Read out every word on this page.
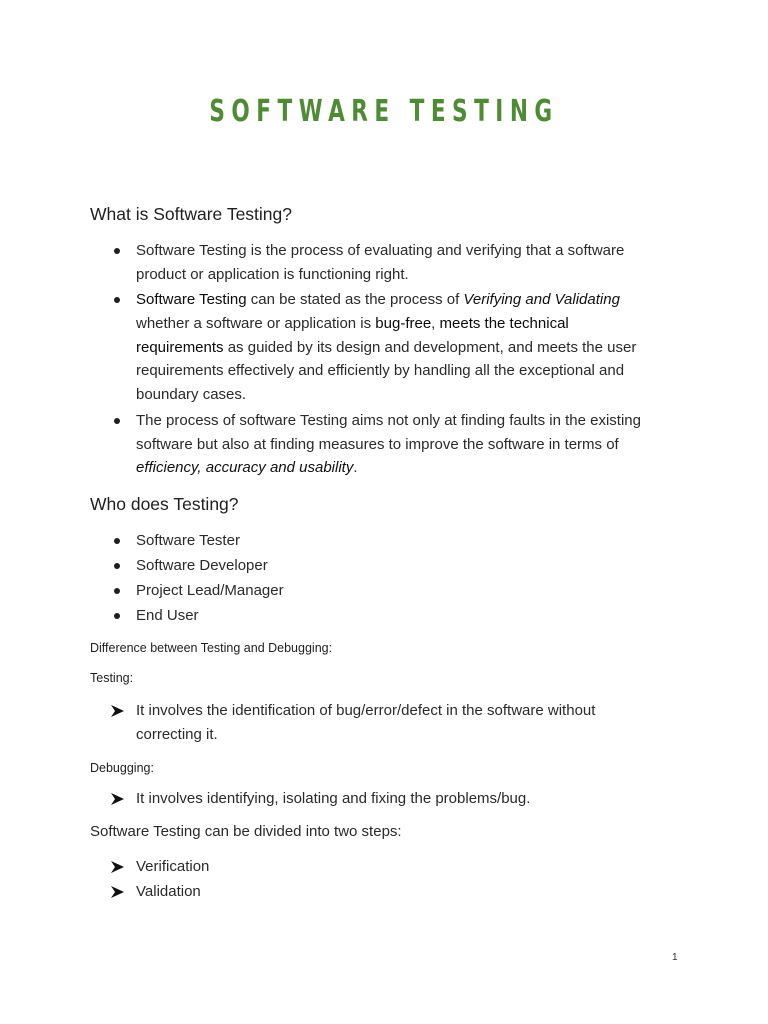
SOFTWARE TESTING
What is Software Testing?
Software Testing is the process of evaluating and verifying that a software
product or application is functioning right.
Software Testing can be stated as the process of Verifying and Validating
whether a software or application is bug-free, meets the technical
requirements as guided by its design and development, and meets the user
requirements effectively and efficiently by handling all the exceptional and
boundary cases.
The process of software Testing aims not only at finding faults in the existing
software but also at finding measures to improve the software in terms of
efficiency, accuracy and usability.
Who does Testing?
Software Tester
Software Developer
Project Lead/Manager
End User
Difference between Testing and Debugging:
Testing:
It involves the identification of bug/error/defect in the software without
correcting it.
Debugging:
It involves identifying, isolating and fixing the problems/bug.
Software Testing can be divided into two steps:
Verification
Validation
1
